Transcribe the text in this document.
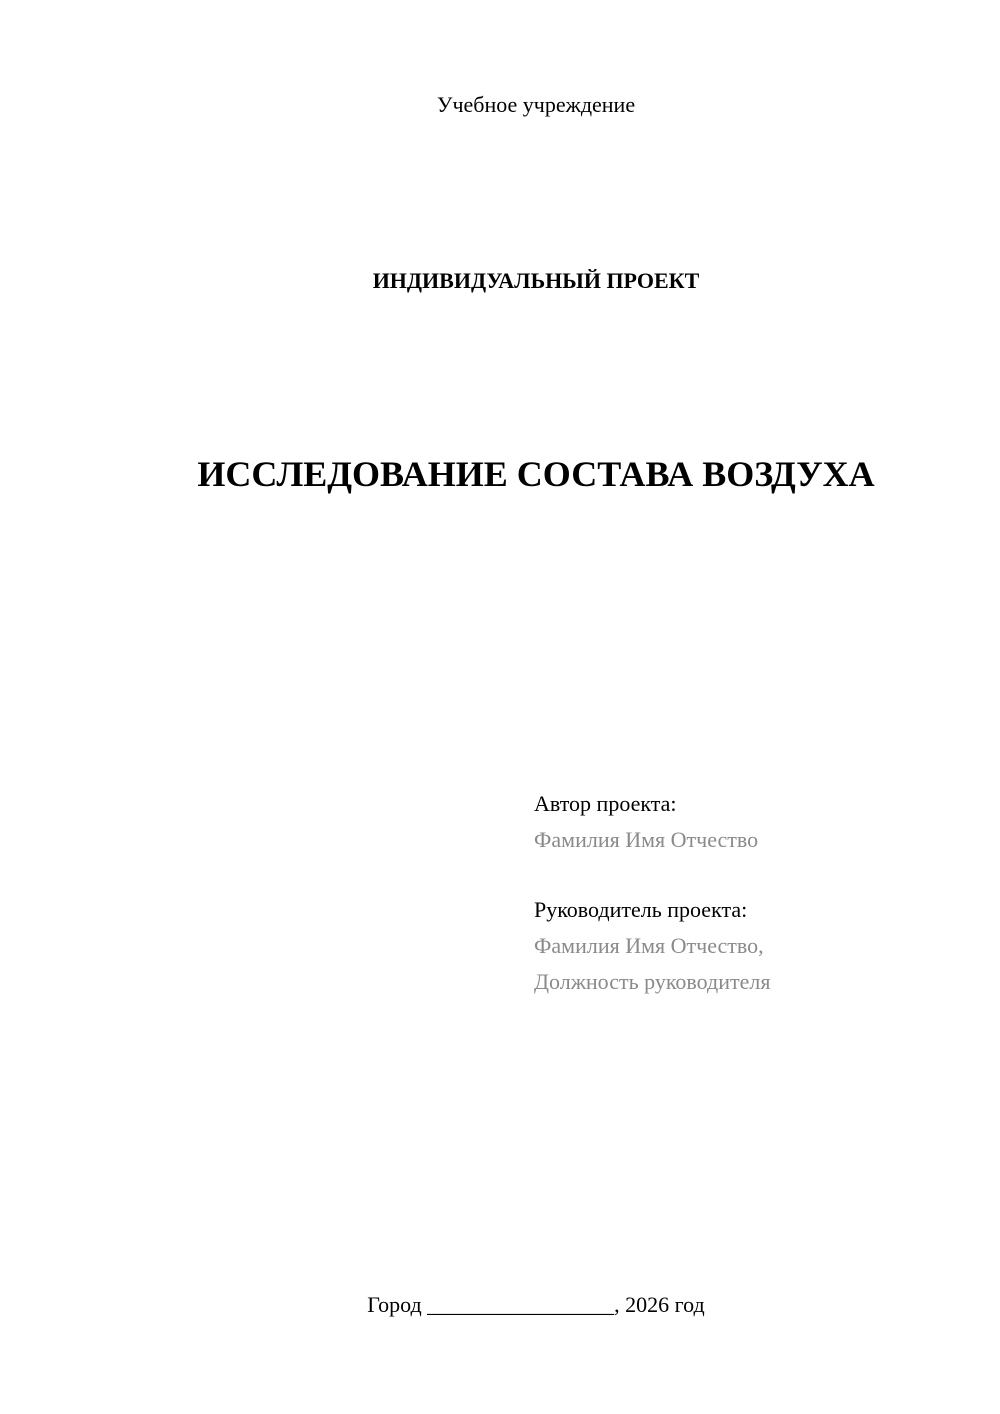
Учебное учреждение
ИНДИВИДУАЛЬНЫЙ ПРОЕКТ
ИССЛЕДОВАНИЕ СОСТАВА ВОЗДУХА
Автор проекта:
Фамилия Имя Отчество
Руководитель проекта:
Фамилия Имя Отчество,
Должность руководителя
Город _________________, 2026 год
